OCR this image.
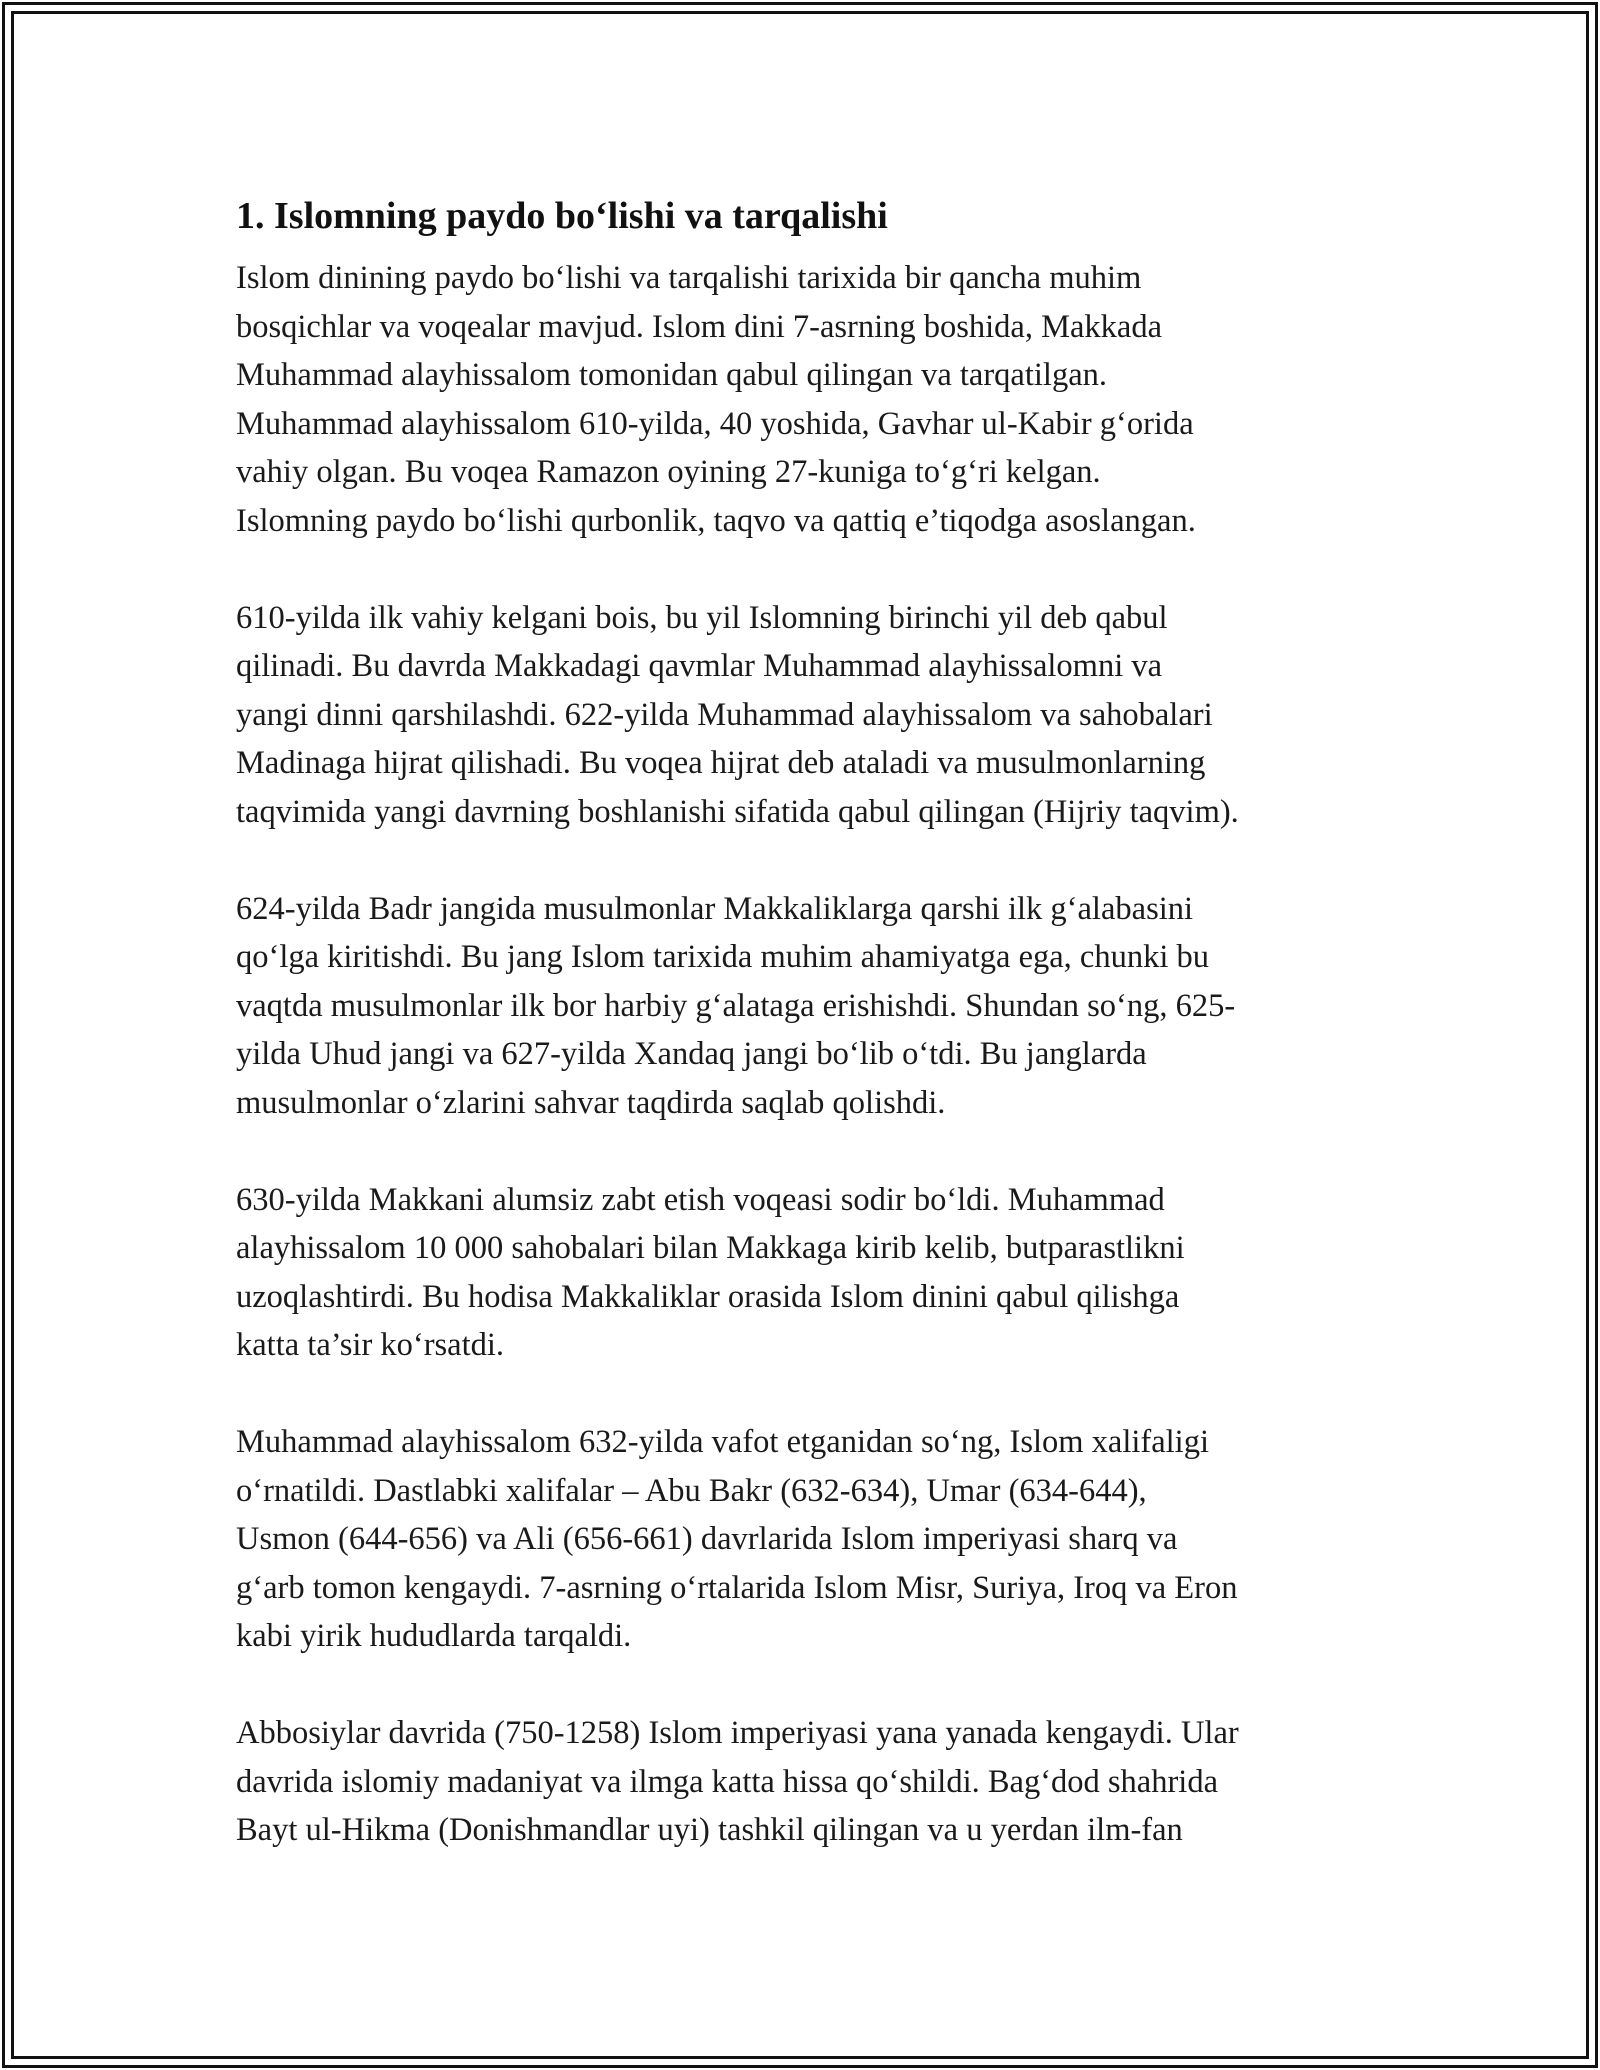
1. Islomning paydo bo‘lishi va tarqalishi

Islom dinining paydo bo‘lishi va tarqalishi tarixida bir qancha muhim
bosqichlar va voqealar mavjud. Islom dini 7-asrning boshida, Makkada
Muhammad alayhissalom tomonidan qabul qilingan va tarqatilgan.
Muhammad alayhissalom 610-yilda, 40 yoshida, Gavhar ul-Kabir g‘orida
vahiy olgan. Bu voqea Ramazon oyining 27-kuniga to‘g‘ri kelgan.
Islomning paydo bo‘lishi qurbonlik, taqvo va qattiq e’tiqodga asoslangan.

610-yilda ilk vahiy kelgani bois, bu yil Islomning birinchi yil deb qabul
qilinadi. Bu davrda Makkadagi qavmlar Muhammad alayhissalomni va
yangi dinni qarshilashdi. 622-yilda Muhammad alayhissalom va sahobalari
Madinaga hijrat qilishadi. Bu voqea hijrat deb ataladi va musulmonlarning
taqvimida yangi davrning boshlanishi sifatida qabul qilingan (Hijriy taqvim).

624-yilda Badr jangida musulmonlar Makkaliklarga qarshi ilk g‘alabasini
qo‘lga kiritishdi. Bu jang Islom tarixida muhim ahamiyatga ega, chunki bu
vaqtda musulmonlar ilk bor harbiy g‘alataga erishishdi. Shundan so‘ng, 625-
yilda Uhud jangi va 627-yilda Xandaq jangi bo‘lib o‘tdi. Bu janglarda
musulmonlar o‘zlarini sahvar taqdirda saqlab qolishdi.

630-yilda Makkani alumsiz zabt etish voqeasi sodir bo‘ldi. Muhammad
alayhissalom 10 000 sahobalari bilan Makkaga kirib kelib, butparastlikni
uzoqlashtirdi. Bu hodisa Makkaliklar orasida Islom dinini qabul qilishga
katta ta’sir ko‘rsatdi.

Muhammad alayhissalom 632-yilda vafot etganidan so‘ng, Islom xalifaligi
o‘rnatildi. Dastlabki xalifalar – Abu Bakr (632-634), Umar (634-644),
Usmon (644-656) va Ali (656-661) davrlarida Islom imperiyasi sharq va
g‘arb tomon kengaydi. 7-asrning o‘rtalarida Islom Misr, Suriya, Iroq va Eron
kabi yirik hududlarda tarqaldi.

Abbosiylar davrida (750-1258) Islom imperiyasi yana yanada kengaydi. Ular
davrida islomiy madaniyat va ilmga katta hissa qo‘shildi. Bag‘dod shahrida
Bayt ul-Hikma (Donishmandlar uyi) tashkil qilingan va u yerdan ilm-fan
